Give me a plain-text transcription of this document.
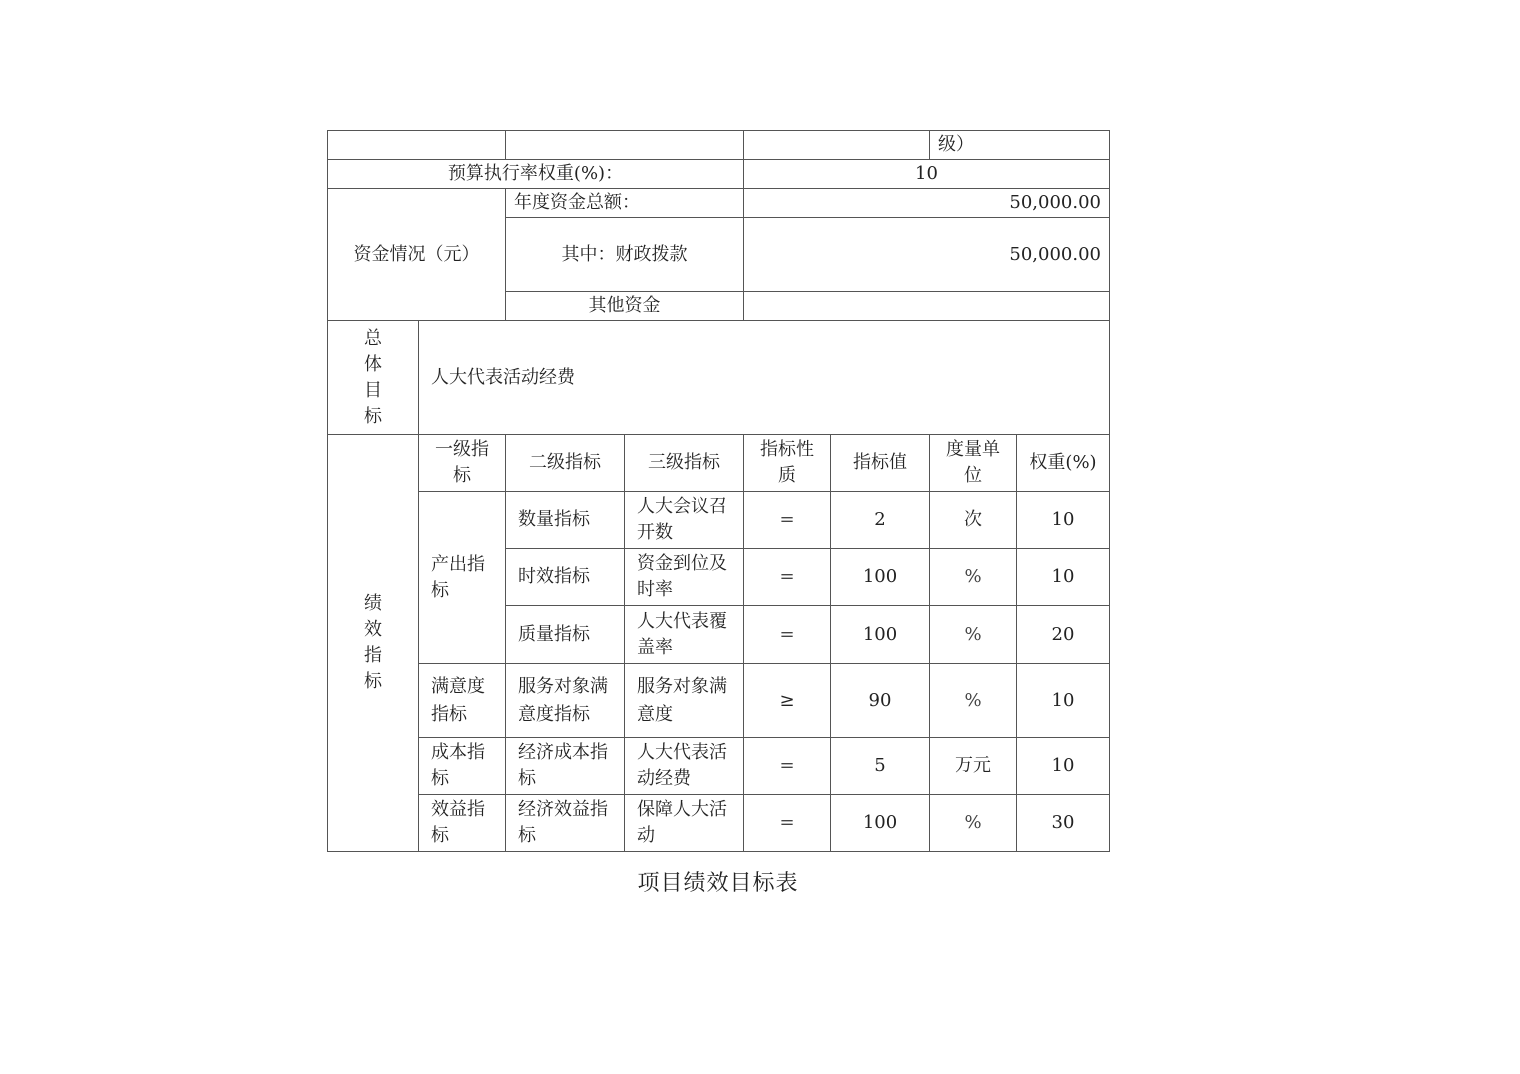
						级）	
预算执行率权重(%)：				10			
资金情况（元）		年度资金总额：		50,000.00			
		其中：财政拨款		50,000.00			
		其他资金					
总体目标	人大代表活动经费						
绩效指标	一级指标	二级指标	三级指标	指标性质	指标值	度量单位	权重(%)
	产出指标	数量指标	人大会议召开数	=	2	次	10
		时效指标	资金到位及时率	=	100	%	10
		质量指标	人大代表覆盖率	=	100	%	20
	满意度指标	服务对象满意度指标	服务对象满意度	≥	90	%	10
	成本指标	经济成本指标	人大代表活动经费	=	5	万元	10
	效益指标	经济效益指标	保障人大活动	=	100	%	30
项目绩效目标表
